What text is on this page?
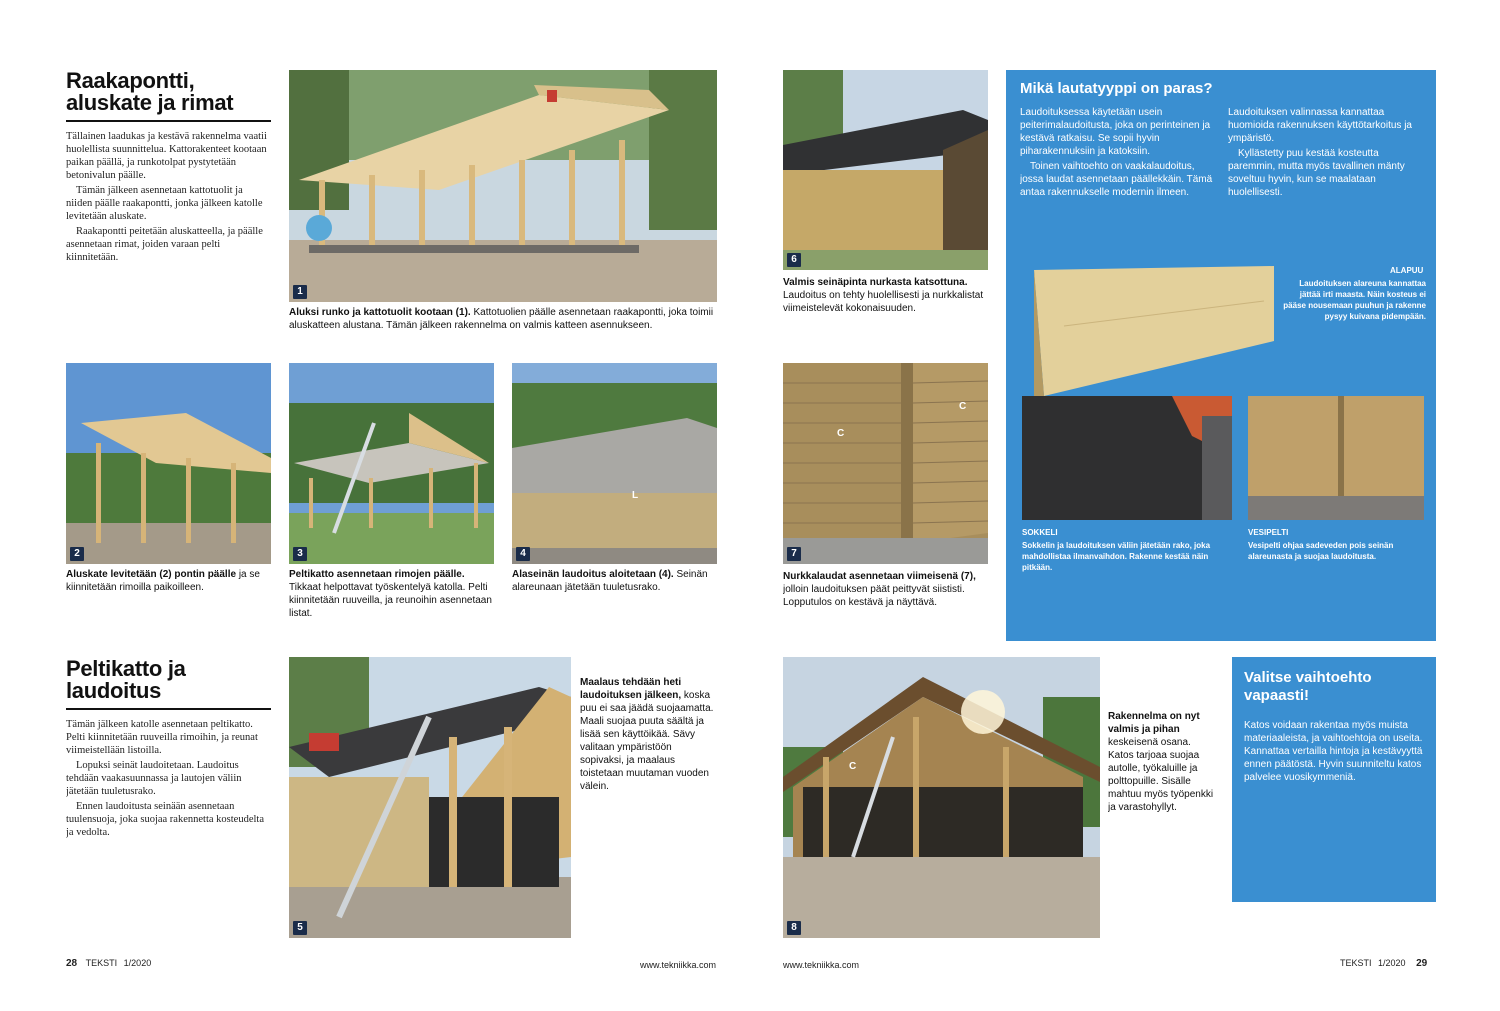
Raakapontti,
aluskate ja rimat

Tällainen laadukas ja kestävä rakennelma vaatii huolellista suunnittelua. Kattorakenteet kootaan paikan päällä, ja runkotolpat pystytetään betonivalun päälle.

Tämän jälkeen asennetaan kattotuolit ja niiden päälle raakapontti, jonka jälkeen katolle levitetään aluskate.

Raakapontti peitetään aluskatteella, ja päälle asennetaan rimat, joiden varaan pelti kiinnitetään.

1
Aluksi runko ja kattotuolit kootaan (1). Kattotuolien päälle asennetaan raakapontti, joka toimii aluskatteen alustana. Tämän jälkeen rakennelma on valmis katteen asennukseen.
2	3
L
4
Aluskate levitetään (2) pontin päälle ja se kiinnitetään rimoilla paikoilleen.
Peltikatto asennetaan rimojen päälle. Tikkaat helpottavat työskentelyä katolla. Pelti kiinnitetään ruuveilla, ja reunoihin asennetaan listat.
Alaseinän laudoitus aloitetaan (4). Seinän alareunaan jätetään tuuletusrako.
Peltikatto ja
laudoitus

Tämän jälkeen katolle asennetaan peltikatto. Pelti kiinnitetään ruuveilla rimoihin, ja reunat viimeistellään listoilla.

Lopuksi seinät laudoitetaan. Laudoitus tehdään vaakasuunnassa ja lautojen väliin jätetään tuuletusrako.

Ennen laudoitusta seinään asennetaan tuulensuoja, joka suojaa rakennetta kosteudelta ja vedolta.

5
Maalaus tehdään heti laudoituksen jälkeen, koska puu ei saa jäädä suojaamatta. Maali suojaa puuta säältä ja lisää sen käyttöikää. Sävy valitaan ympäristöön sopivaksi, ja maalaus toistetaan muutaman vuoden välein.
28 TEKSTI 1/2020	www.tekniikka.com
6
Valmis seinäpinta nurkasta katsottuna. Laudoitus on tehty huolellisesti ja nurkkalistat viimeistelevät kokonaisuuden.
C
C
7
Nurkkalaudat asennetaan viimeisenä (7), jolloin laudoituksen päät peittyvät siististi. Lopputulos on kestävä ja näyttävä.
C
8
Rakennelma on nyt valmis ja pihan keskeisenä osana. Katos tarjoaa suojaa autolle, työkaluille ja polttopuille. Sisälle mahtuu myös työpenkki ja varastohyllyt.
Mikä lautatyyppi on paras?

Laudoituksessa käytetään usein peiterimalaudoitusta, joka on perinteinen ja kestävä ratkaisu. Se sopii hyvin piharakennuksiin ja katoksiin.

Toinen vaihtoehto on vaakalaudoitus, jossa laudat asennetaan päällekkäin. Tämä antaa rakennukselle modernin ilmeen.

Laudoituksen valinnassa kannattaa huomioida rakennuksen käyttötarkoitus ja ympäristö.

Kyllästetty puu kestää kosteutta paremmin, mutta myös tavallinen mänty soveltuu hyvin, kun se maalataan huolellisesti.

ALAPUU
Laudoituksen alareuna kannattaa jättää irti maasta. Näin kosteus ei pääse nousemaan puuhun ja rakenne pysyy kuivana pidempään.
SOKKELI
Sokkelin ja laudoituksen väliin jätetään rako, joka mahdollistaa ilmanvaihdon. Rakenne kestää näin pitkään.
VESIPELTI
Vesipelti ohjaa sadeveden pois seinän alareunasta ja suojaa laudoitusta.
Valitse vaihtoehto
vapaasti!
Katos voidaan rakentaa myös muista materiaaleista, ja vaihtoehtoja on useita. Kannattaa vertailla hintoja ja kestävyyttä ennen päätöstä. Hyvin suunniteltu katos palvelee vuosikymmeniä.
www.tekniikka.com	TEKSTI 1/2020 29
